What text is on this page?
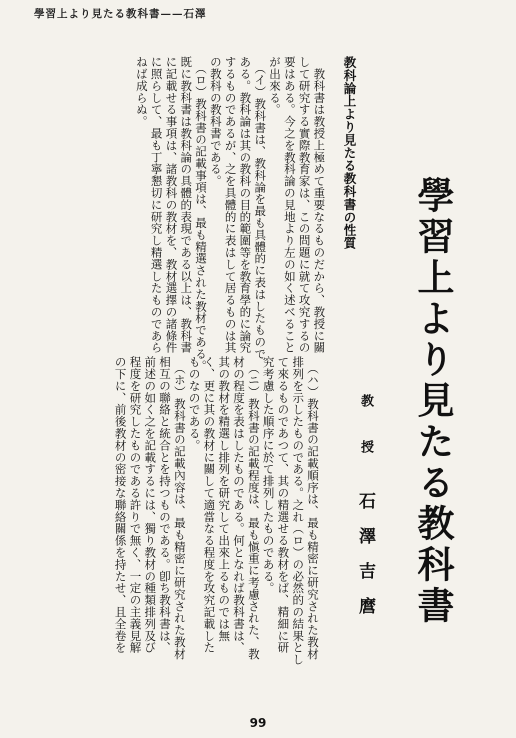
學習上より見たる教科書——石澤
學習上より見たる教科書
教　授 石澤吉麿
教科論上より見たる教科書の性質
　教科書は教授上極めて重要なるものだから、教授に關
して研究する實際教育家は、この問題に就て攻究するの
要はある。今之を教科論の見地より左の如く述べること
が出來る。
　（イ）教科書は、教科論を最も具體的に表はしたもので
ある。教科論は其の教科の目的範圍等を教育學的に論究
するものであるが、之を具體的に表はして居るものは其
の教科の教科書である。
　（ロ）教科書の記載事項は、最も精選された教材である。
既に教科書は教科論の具體的表現である以上は、教科書
に記載せる事項は、諸教科の教材を、教材選擇の諸條件
に照らして、最も丁寧懇切に研究し精選したものであら
ねば成らぬ。
　（ハ）教科書の記載順序は、最も精密に研究された教材
排列を示したものである。之れ（ロ）の必然的の結果とし
て來るものであつて、其の精選せる教材をば、精細に研
究考慮した順序に於て排列したものである。
　（ニ）教科書の記載程度は、最も愼重に考慮された、教
材の程度を表はしたものである。何となれば教科書は、
其の教材を精選し排列を研究して出來上るものでは無
く、更に其の教材に關して適當なる程度を攻究記載した
ものなのである。
　（ホ）教科書の記載內容は、最も精密に研究された教材
相互の聯絡と統合とを持つものである。卽ち教科書は、
前述の如く之を記載するには、獨り教材の種類排列及び
程度を研究したものである許りで無く、一定の主義見解
の下に、前後教材の密接な聯絡關係を持たせ、且全卷を
99
